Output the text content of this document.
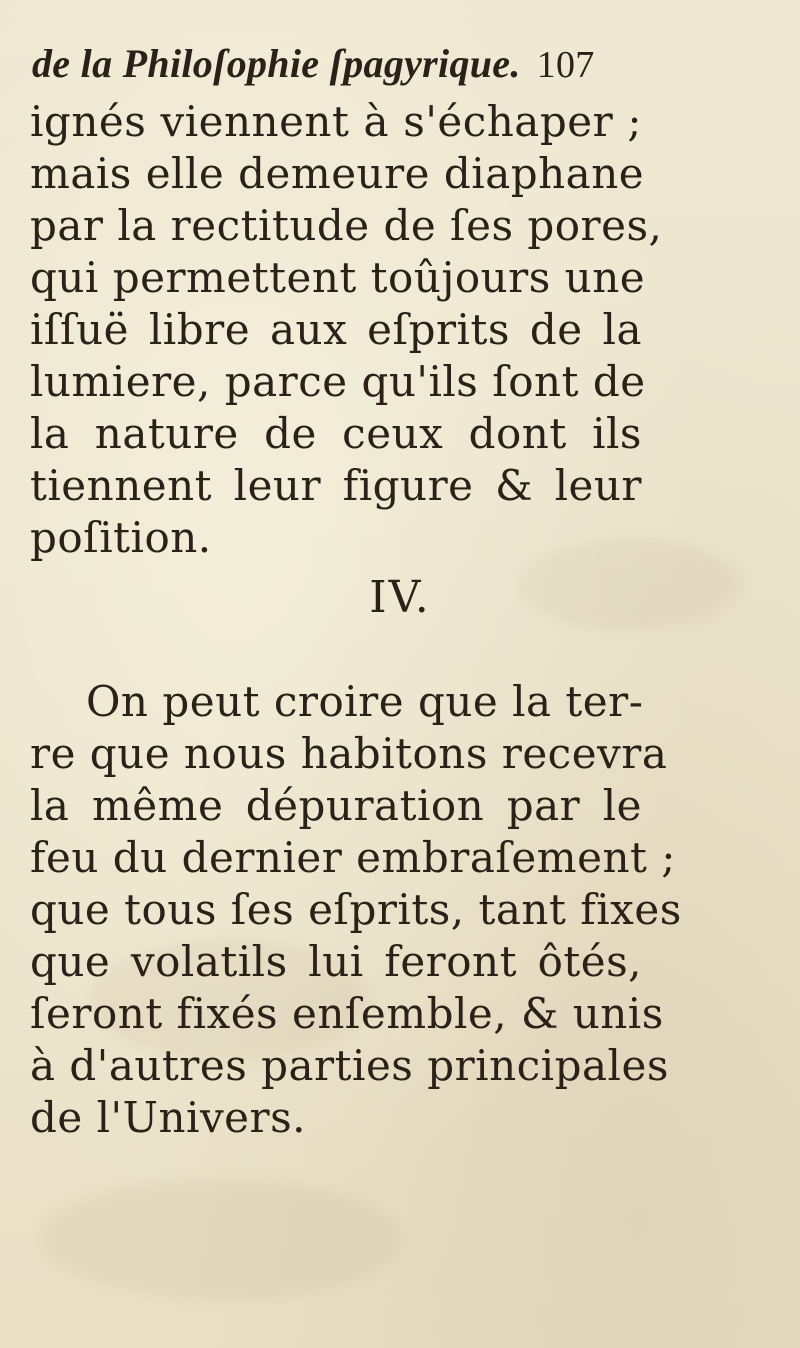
de la Philoſophie ſpagyrique. 107
ignés viennent à s'échaper ;
mais elle demeure diaphane
par la rectitude de ſes pores,
qui permettent toûjours une
iſſuë libre aux eſprits de la
lumiere, parce qu'ils ſont de
la nature de ceux dont ils
tiennent leur figure & leur
poſition.
IV.
On peut croire que la ter-
re que nous habitons recevra
la même dépuration par le
feu du dernier embraſement ;
que tous ſes eſprits, tant fixes
que volatils lui feront ôtés,
ſeront fixés enſemble, & unis
à d'autres parties principales
de l'Univers.
